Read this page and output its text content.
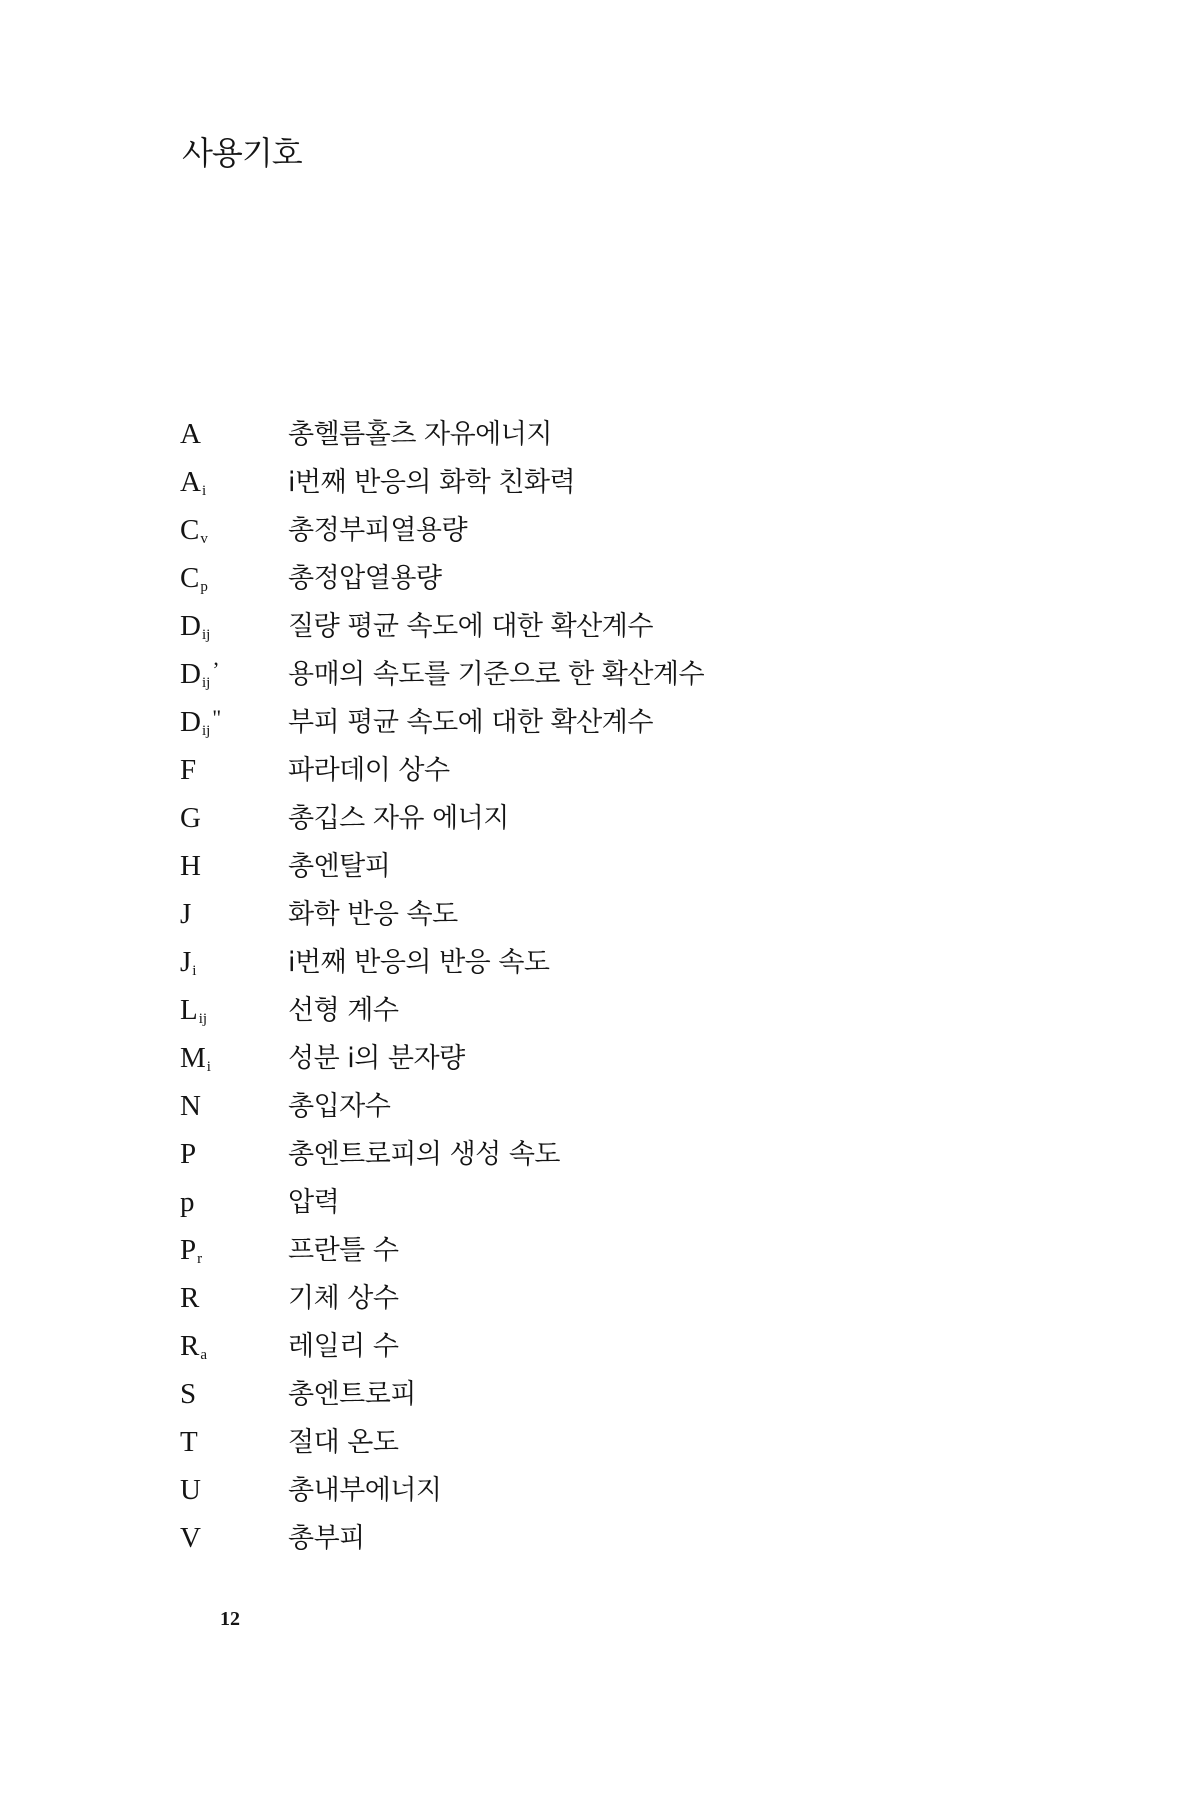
사용기호
A	총헬름홀츠 자유에너지
$A_i$	i번째 반응의 화학 친화력
$C_v$	총정부피열용량
$C_p$	총정압열용량
$D_{ij}$	질량 평균 속도에 대한 확산계수
$D_{ij}^’$	용매의 속도를 기준으로 한 확산계수
$D_{ij}^"$	부피 평균 속도에 대한 확산계수
F	파라데이 상수
G	총깁스 자유 에너지
H	총엔탈피
J	화학 반응 속도
$J_i$	i번째 반응의 반응 속도
$L_{ij}$	선형 계수
$M_i$	성분 i의 분자량
N	총입자수
P	총엔트로피의 생성 속도
p	압력
$P_r$	프란틀 수
R	기체 상수
$R_a$	레일리 수
S	총엔트로피
T	절대 온도
U	총내부에너지
V	총부피
12
